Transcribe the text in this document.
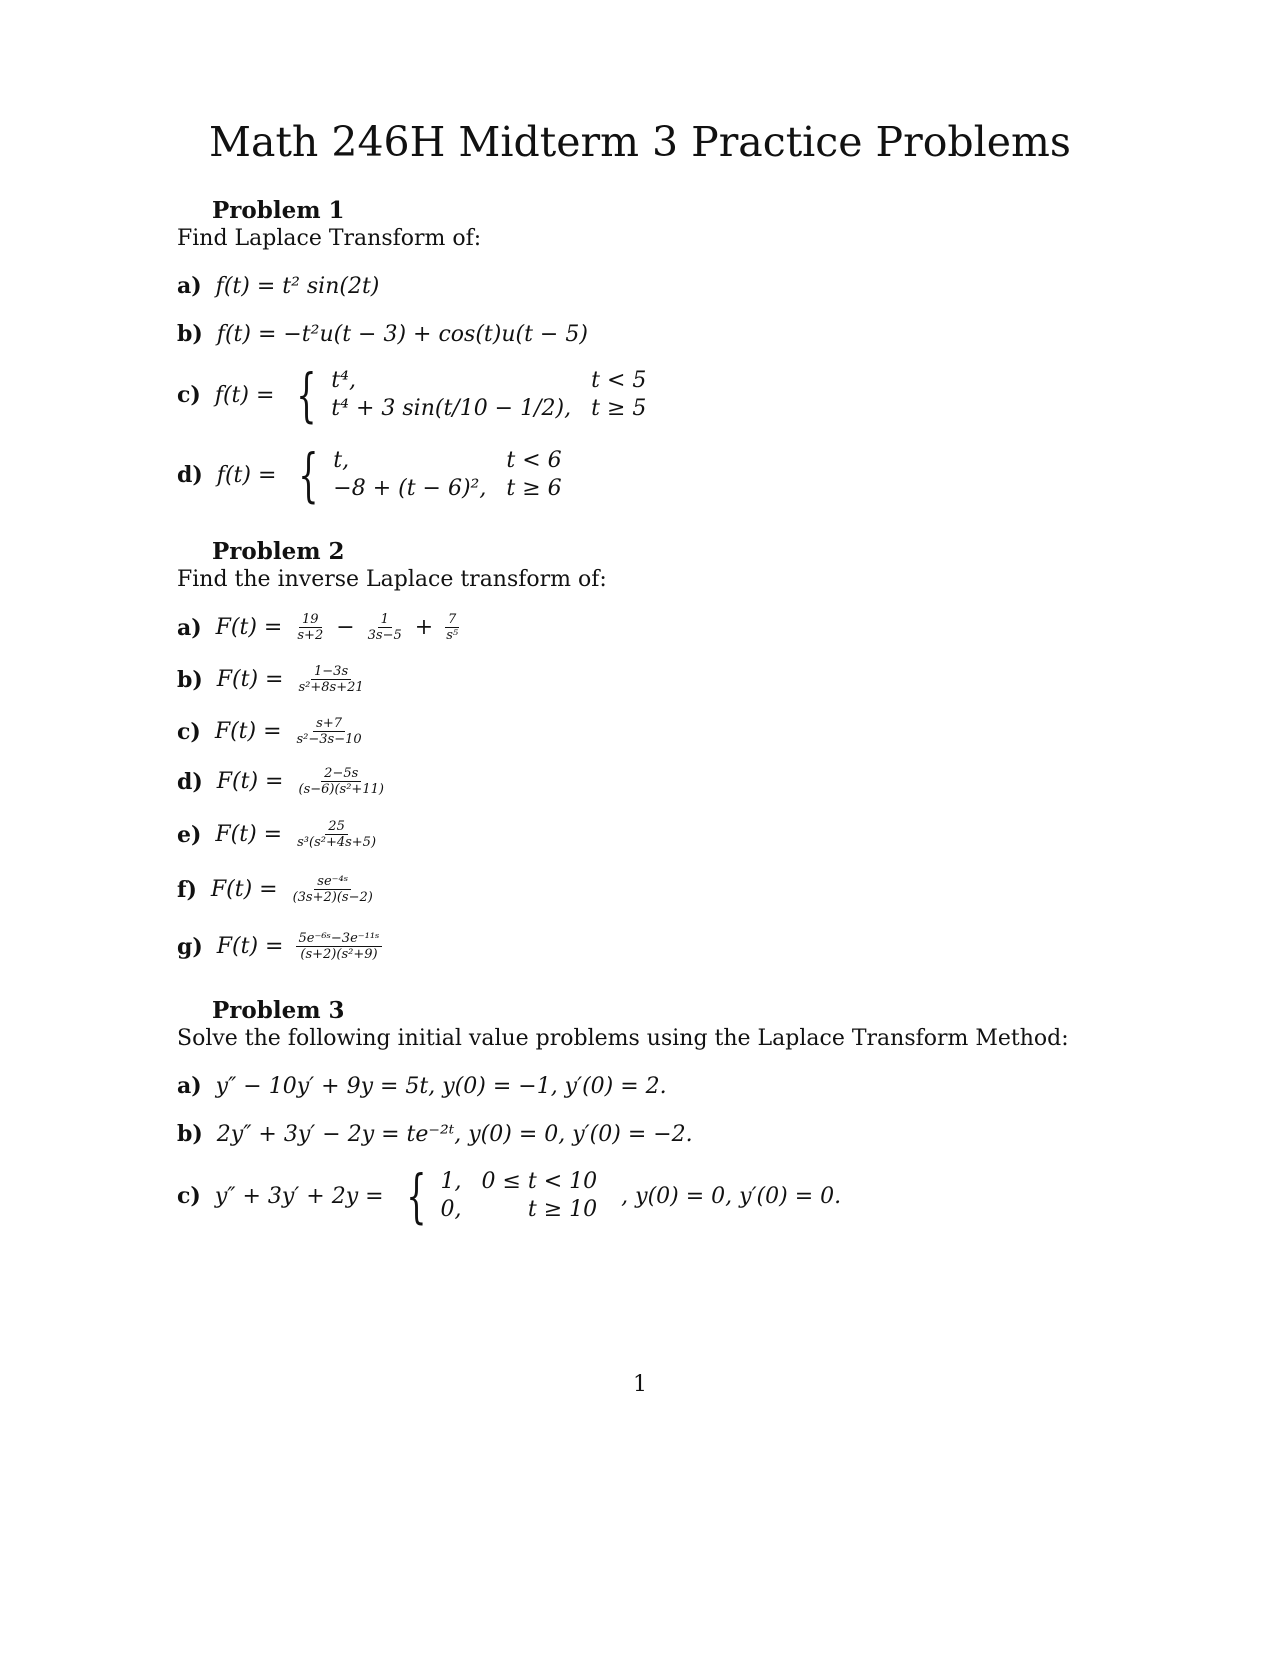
Math 246H Midterm 3 Practice Problems
Problem 1
Find Laplace Transform of:
a) f(t) = t² sin(2t)
b) f(t) = −t²u(t − 3) + cos(t)u(t − 5)
c) f(t) = { t⁴,	t < 5
t⁴ + 3 sin(t/10 − 1/2), t ≥ 5
d) f(t) = { t,	t < 6
−8 + (t − 6)², t ≥ 6
Problem 2
Find the inverse Laplace transform of:
a) $F(t) = \frac{19}{s+2} - \frac{1}{3s-5} + \frac{7}{\text{s⁵}}$
b) $F(t) = \frac{1-3s}{\text{s²+8s+21}}$
c) $F(t) = \frac{s+7}{\text{s²−3s−10}}$
d) $F(t) = \frac{2-5s}{\text{(s−6)(s²+11)}}$
e) $F(t) = \frac{25}{\text{s³(s²+4s+5)}}$
f) $F(t) = \frac{\text{se⁻⁴ˢ}}{(3s+2)(s-2)}$
g) $F(t) = \frac{\text{5e⁻⁶ˢ−3e⁻¹¹ˢ}}{\text{(s+2)(s²+9)}}$
Problem 3
Solve the following initial value problems using the Laplace Transform Method:
a) y″ − 10y′ + 9y = 5t, y(0) = −1, y′(0) = 2.
b) 2y″ + 3y′ − 2y = te⁻²ᵗ, y(0) = 0, y′(0) = −2.
c) y″ + 3y′ + 2y = { 1, 0 ≤ t < 10
0,	t ≥ 10
, y(0) = 0, y′(0) = 0.
1
